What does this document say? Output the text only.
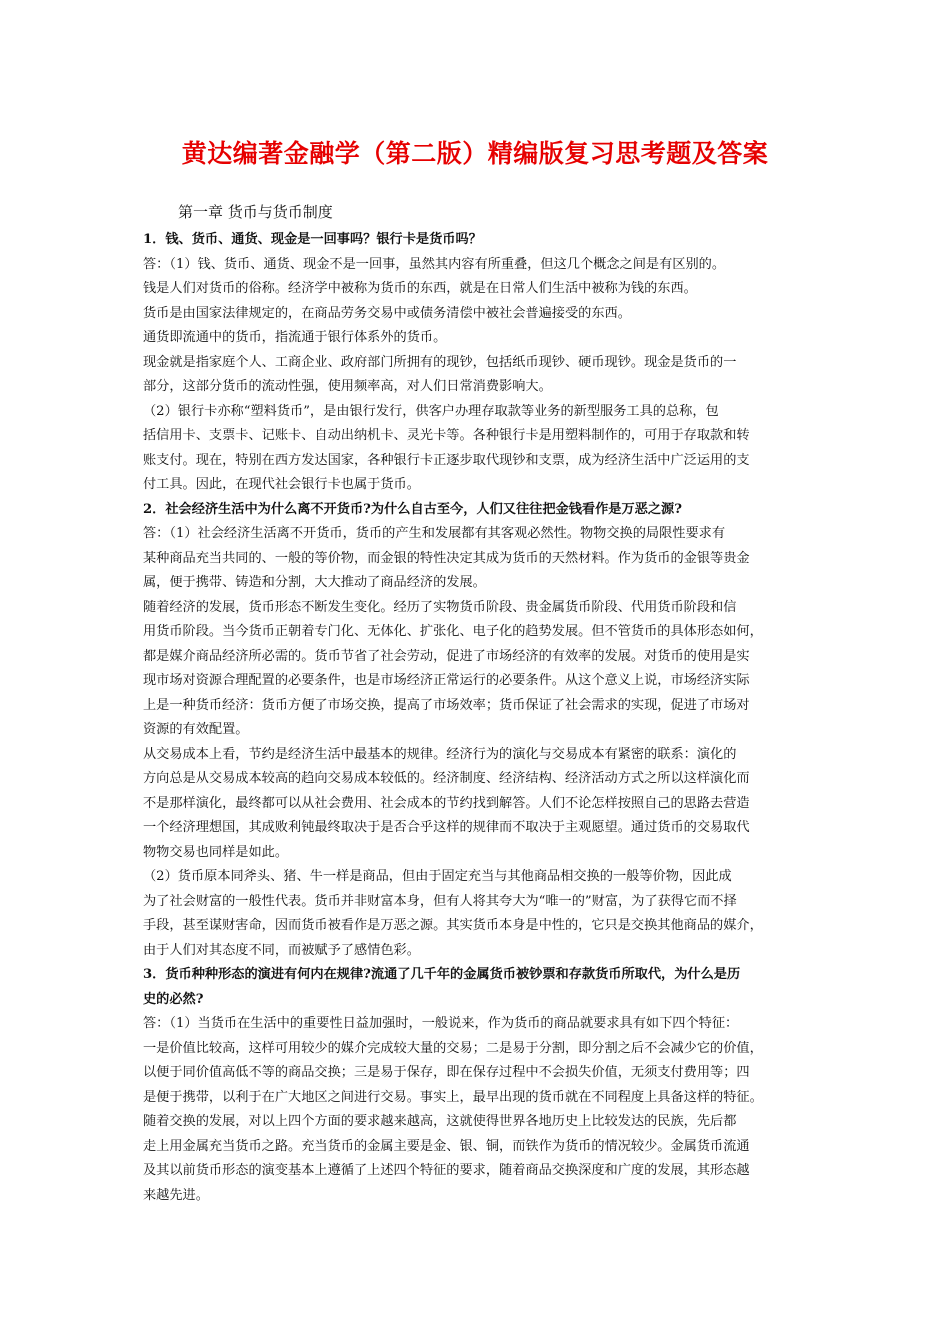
黄达编著金融学（第二版）精编版复习思考题及答案
第一章 货币与货币制度
1．钱、货币、通货、现金是一回事吗？银行卡是货币吗？
答：（1）钱、货币、通货、现金不是一回事，虽然其内容有所重叠，但这几个概念之间是有区别的。
钱是人们对货币的俗称。经济学中被称为货币的东西，就是在日常人们生活中被称为钱的东西。
货币是由国家法律规定的，在商品劳务交易中或债务清偿中被社会普遍接受的东西。
通货即流通中的货币，指流通于银行体系外的货币。
现金就是指家庭个人、工商企业、政府部门所拥有的现钞，包括纸币现钞、硬币现钞。现金是货币的一
部分，这部分货币的流动性强，使用频率高，对人们日常消费影响大。
（2）银行卡亦称“塑料货币”，是由银行发行，供客户办理存取款等业务的新型服务工具的总称，包
括信用卡、支票卡、记账卡、自动出纳机卡、灵光卡等。各种银行卡是用塑料制作的，可用于存取款和转
账支付。现在，特别在西方发达国家，各种银行卡正逐步取代现钞和支票，成为经济生活中广泛运用的支
付工具。因此，在现代社会银行卡也属于货币。
2．社会经济生活中为什么离不开货币?为什么自古至今，人们又往往把金钱看作是万恶之源?
答：（1）社会经济生活离不开货币，货币的产生和发展都有其客观必然性。物物交换的局限性要求有
某种商品充当共同的、一般的等价物，而金银的特性决定其成为货币的天然材料。作为货币的金银等贵金
属，便于携带、铸造和分割，大大推动了商品经济的发展。
随着经济的发展，货币形态不断发生变化。经历了实物货币阶段、贵金属货币阶段、代用货币阶段和信
用货币阶段。当今货币正朝着专门化、无体化、扩张化、电子化的趋势发展。但不管货币的具体形态如何，
都是媒介商品经济所必需的。货币节省了社会劳动，促进了市场经济的有效率的发展。对货币的使用是实
现市场对资源合理配置的必要条件，也是市场经济正常运行的必要条件。从这个意义上说，市场经济实际
上是一种货币经济：货币方便了市场交换，提高了市场效率；货币保证了社会需求的实现，促进了市场对
资源的有效配置。
从交易成本上看，节约是经济生活中最基本的规律。经济行为的演化与交易成本有紧密的联系：演化的
方向总是从交易成本较高的趋向交易成本较低的。经济制度、经济结构、经济活动方式之所以这样演化而
不是那样演化，最终都可以从社会费用、社会成本的节约找到解答。人们不论怎样按照自己的思路去营造
一个经济理想国，其成败利钝最终取决于是否合乎这样的规律而不取决于主观愿望。通过货币的交易取代
物物交易也同样是如此。
（2）货币原本同斧头、猪、牛一样是商品，但由于固定充当与其他商品相交换的一般等价物，因此成
为了社会财富的一般性代表。货币并非财富本身，但有人将其夸大为“唯一的”财富，为了获得它而不择
手段，甚至谋财害命，因而货币被看作是万恶之源。其实货币本身是中性的，它只是交换其他商品的媒介，
由于人们对其态度不同，而被赋予了感情色彩。
3．货币种种形态的演进有何内在规律?流通了几千年的金属货币被钞票和存款货币所取代，为什么是历
史的必然?
答：（1）当货币在生活中的重要性日益加强时，一般说来，作为货币的商品就要求具有如下四个特征：
一是价值比较高，这样可用较少的媒介完成较大量的交易；二是易于分割，即分割之后不会减少它的价值，
以便于同价值高低不等的商品交换；三是易于保存，即在保存过程中不会损失价值，无须支付费用等；四
是便于携带，以利于在广大地区之间进行交易。事实上，最早出现的货币就在不同程度上具备这样的特征。
随着交换的发展，对以上四个方面的要求越来越高，这就使得世界各地历史上比较发达的民族，先后都
走上用金属充当货币之路。充当货币的金属主要是金、银、铜，而铁作为货币的情况较少。金属货币流通
及其以前货币形态的演变基本上遵循了上述四个特征的要求，随着商品交换深度和广度的发展，其形态越
来越先进。
